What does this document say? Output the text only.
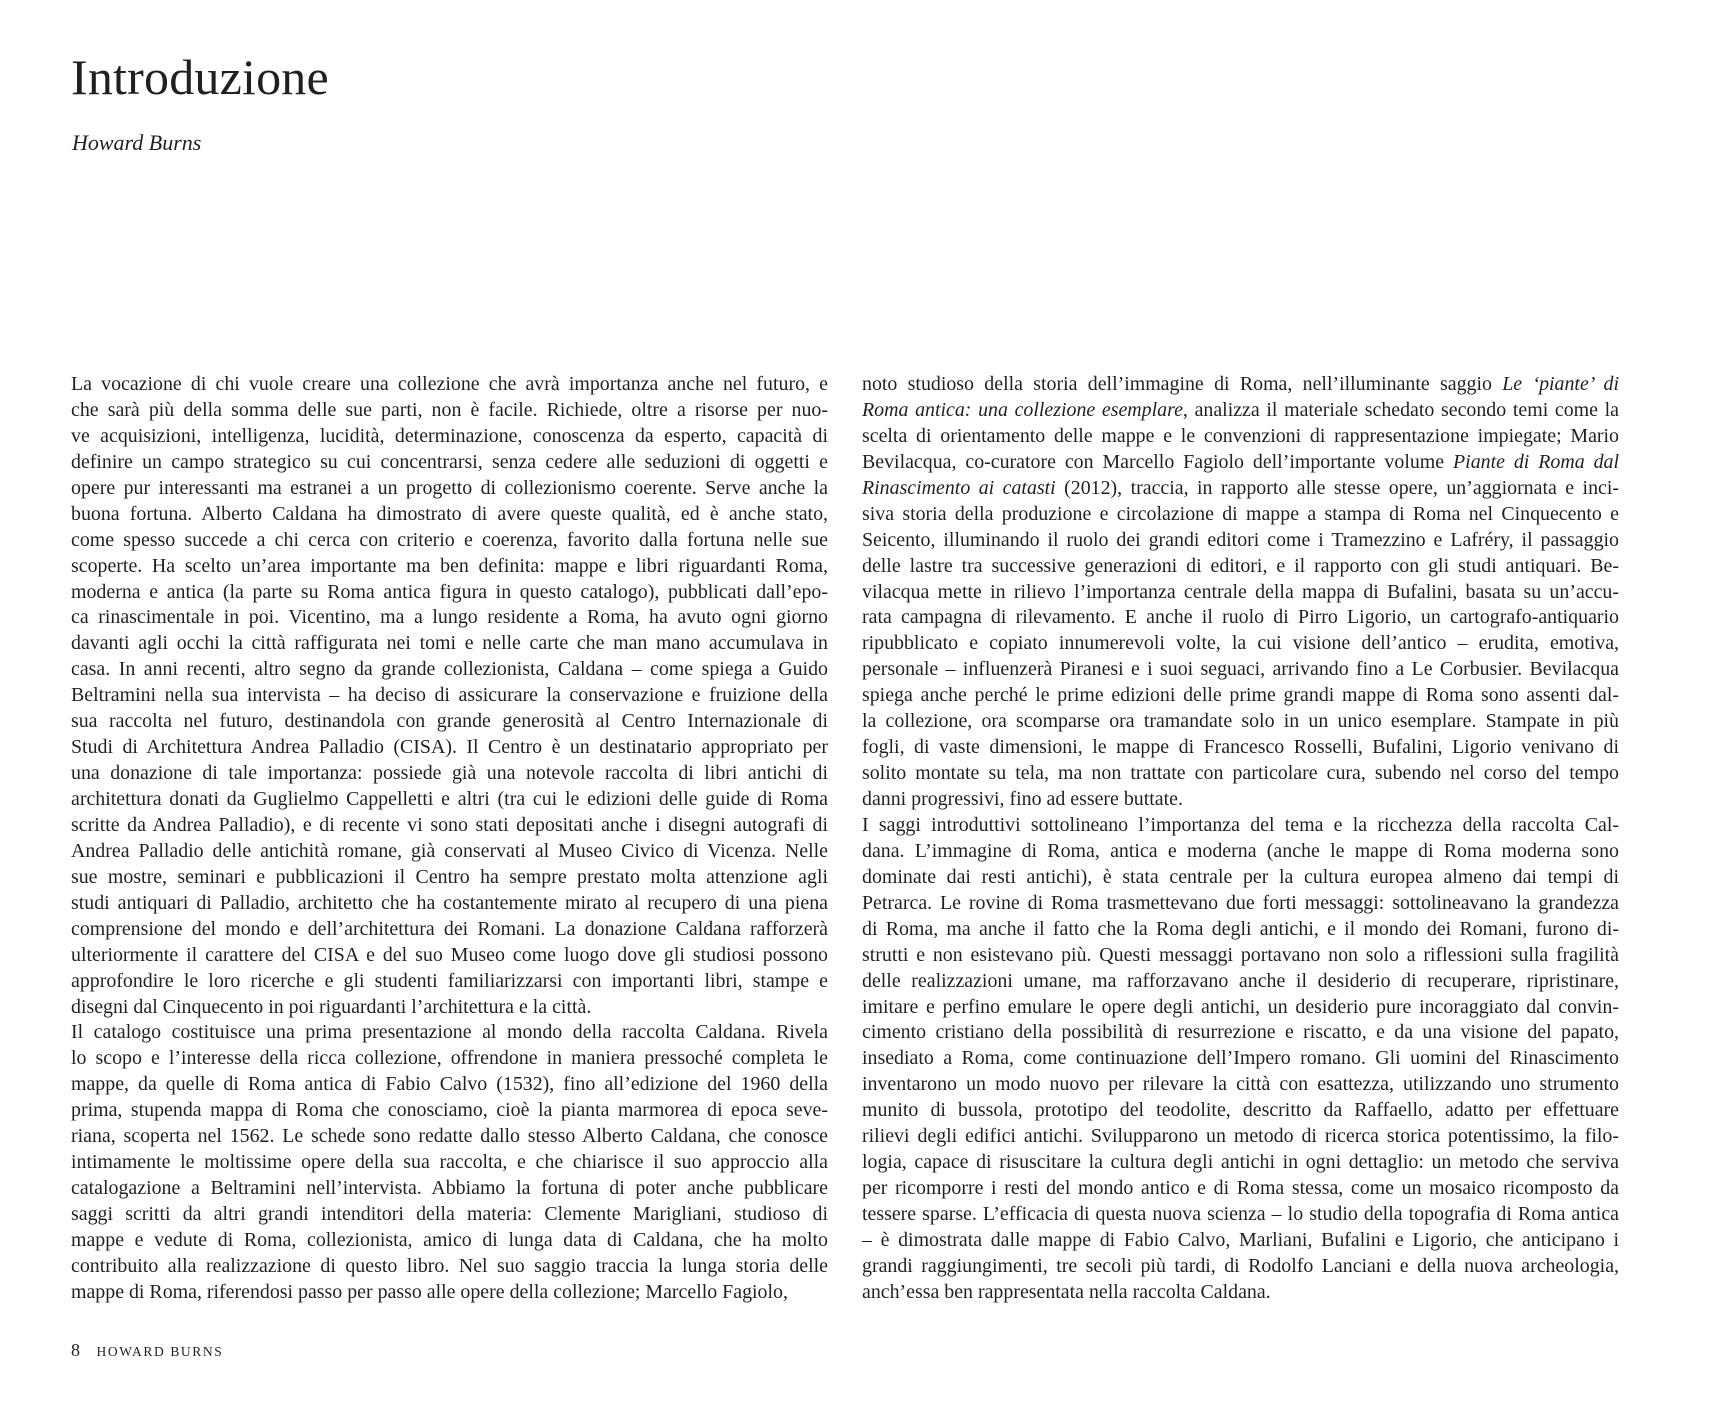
Introduzione

Howard Burns

La vocazione di chi vuole creare una collezione che avrà importanza anche nel futuro, e
che sarà più della somma delle sue parti, non è facile. Richiede, oltre a risorse per nuo-
ve acquisizioni, intelligenza, lucidità, determinazione, conoscenza da esperto, capacità di
definire un campo strategico su cui concentrarsi, senza cedere alle seduzioni di oggetti e
opere pur interessanti ma estranei a un progetto di collezionismo coerente. Serve anche la
buona fortuna. Alberto Caldana ha dimostrato di avere queste qualità, ed è anche stato,
come spesso succede a chi cerca con criterio e coerenza, favorito dalla fortuna nelle sue
scoperte. Ha scelto un’area importante ma ben definita: mappe e libri riguardanti Roma,
moderna e antica (la parte su Roma antica figura in questo catalogo), pubblicati dall’epo-
ca rinascimentale in poi. Vicentino, ma a lungo residente a Roma, ha avuto ogni giorno
davanti agli occhi la città raffigurata nei tomi e nelle carte che man mano accumulava in
casa. In anni recenti, altro segno da grande collezionista, Caldana – come spiega a Guido
Beltramini nella sua intervista – ha deciso di assicurare la conservazione e fruizione della
sua raccolta nel futuro, destinandola con grande generosità al Centro Internazionale di
Studi di Architettura Andrea Palladio (CISA). Il Centro è un destinatario appropriato per
una donazione di tale importanza: possiede già una notevole raccolta di libri antichi di
architettura donati da Guglielmo Cappelletti e altri (tra cui le edizioni delle guide di Roma
scritte da Andrea Palladio), e di recente vi sono stati depositati anche i disegni autografi di
Andrea Palladio delle antichità romane, già conservati al Museo Civico di Vicenza. Nelle
sue mostre, seminari e pubblicazioni il Centro ha sempre prestato molta attenzione agli
studi antiquari di Palladio, architetto che ha costantemente mirato al recupero di una piena
comprensione del mondo e dell’architettura dei Romani. La donazione Caldana rafforzerà
ulteriormente il carattere del CISA e del suo Museo come luogo dove gli studiosi possono
approfondire le loro ricerche e gli studenti familiarizzarsi con importanti libri, stampe e
disegni dal Cinquecento in poi riguardanti l’architettura e la città.
Il catalogo costituisce una prima presentazione al mondo della raccolta Caldana. Rivela
lo scopo e l’interesse della ricca collezione, offrendone in maniera pressoché completa le
mappe, da quelle di Roma antica di Fabio Calvo (1532), fino all’edizione del 1960 della
prima, stupenda mappa di Roma che conosciamo, cioè la pianta marmorea di epoca seve-
riana, scoperta nel 1562. Le schede sono redatte dallo stesso Alberto Caldana, che conosce
intimamente le moltissime opere della sua raccolta, e che chiarisce il suo approccio alla
catalogazione a Beltramini nell’intervista. Abbiamo la fortuna di poter anche pubblicare
saggi scritti da altri grandi intenditori della materia: Clemente Marigliani, studioso di
mappe e vedute di Roma, collezionista, amico di lunga data di Caldana, che ha molto
contribuito alla realizzazione di questo libro. Nel suo saggio traccia la lunga storia delle
mappe di Roma, riferendosi passo per passo alle opere della collezione; Marcello Fagiolo,
noto studioso della storia dell’immagine di Roma, nell’illuminante saggio Le ‘piante’ di
Roma antica: una collezione esemplare, analizza il materiale schedato secondo temi come la
scelta di orientamento delle mappe e le convenzioni di rappresentazione impiegate; Mario
Bevilacqua, co-curatore con Marcello Fagiolo dell’importante volume Piante di Roma dal
Rinascimento ai catasti (2012), traccia, in rapporto alle stesse opere, un’aggiornata e inci-
siva storia della produzione e circolazione di mappe a stampa di Roma nel Cinquecento e
Seicento, illuminando il ruolo dei grandi editori come i Tramezzino e Lafréry, il passaggio
delle lastre tra successive generazioni di editori, e il rapporto con gli studi antiquari. Be-
vilacqua mette in rilievo l’importanza centrale della mappa di Bufalini, basata su un’accu-
rata campagna di rilevamento. E anche il ruolo di Pirro Ligorio, un cartografo-antiquario
ripubblicato e copiato innumerevoli volte, la cui visione dell’antico – erudita, emotiva,
personale – influenzerà Piranesi e i suoi seguaci, arrivando fino a Le Corbusier. Bevilacqua
spiega anche perché le prime edizioni delle prime grandi mappe di Roma sono assenti dal-
la collezione, ora scomparse ora tramandate solo in un unico esemplare. Stampate in più
fogli, di vaste dimensioni, le mappe di Francesco Rosselli, Bufalini, Ligorio venivano di
solito montate su tela, ma non trattate con particolare cura, subendo nel corso del tempo
danni progressivi, fino ad essere buttate.
I saggi introduttivi sottolineano l’importanza del tema e la ricchezza della raccolta Cal-
dana. L’immagine di Roma, antica e moderna (anche le mappe di Roma moderna sono
dominate dai resti antichi), è stata centrale per la cultura europea almeno dai tempi di
Petrarca. Le rovine di Roma trasmettevano due forti messaggi: sottolineavano la grandezza
di Roma, ma anche il fatto che la Roma degli antichi, e il mondo dei Romani, furono di-
strutti e non esistevano più. Questi messaggi portavano non solo a riflessioni sulla fragilità
delle realizzazioni umane, ma rafforzavano anche il desiderio di recuperare, ripristinare,
imitare e perfino emulare le opere degli antichi, un desiderio pure incoraggiato dal convin-
cimento cristiano della possibilità di resurrezione e riscatto, e da una visione del papato,
insediato a Roma, come continuazione dell’Impero romano. Gli uomini del Rinascimento
inventarono un modo nuovo per rilevare la città con esattezza, utilizzando uno strumento
munito di bussola, prototipo del teodolite, descritto da Raffaello, adatto per effettuare
rilievi degli edifici antichi. Svilupparono un metodo di ricerca storica potentissimo, la filo-
logia, capace di risuscitare la cultura degli antichi in ogni dettaglio: un metodo che serviva
per ricomporre i resti del mondo antico e di Roma stessa, come un mosaico ricomposto da
tessere sparse. L’efficacia di questa nuova scienza – lo studio della topografia di Roma antica
– è dimostrata dalle mappe di Fabio Calvo, Marliani, Bufalini e Ligorio, che anticipano i
grandi raggiungimenti, tre secoli più tardi, di Rodolfo Lanciani e della nuova archeologia,
anch’essa ben rappresentata nella raccolta Caldana.
8 HOWARD BURNS
